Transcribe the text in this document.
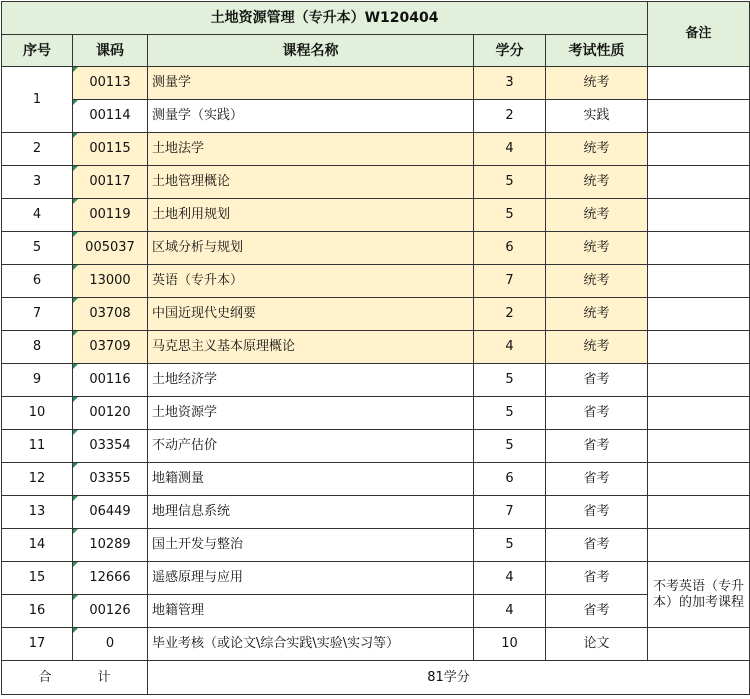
土地资源管理（专升本）W120404					备注
序号	课码	课程名称	学分	考试性质	
1	00113	测量学	3	统考	
	00114	测量学（实践）	2	实践	
2	00115	土地法学	4	统考	
3	00117	土地管理概论	5	统考	
4	00119	土地利用规划	5	统考	
5	005037	区域分析与规划	6	统考	
6	13000	英语（专升本）	7	统考	
7	03708	中国近现代史纲要	2	统考	
8	03709	马克思主义基本原理概论	4	统考	
9	00116	土地经济学	5	省考	
10	00120	土地资源学	5	省考	
11	03354	不动产估价	5	省考	
12	03355	地籍测量	6	省考	
13	06449	地理信息系统	7	省考	
14	10289	国土开发与整治	5	省考	
15	12666	遥感原理与应用	4	省考	不考英语（专升本）的加考课程
16	00126	地籍管理	4	省考	
17	0	毕业考核（或论文\综合实践\实验\实习等）	10	论文	
合 计		81学分			
